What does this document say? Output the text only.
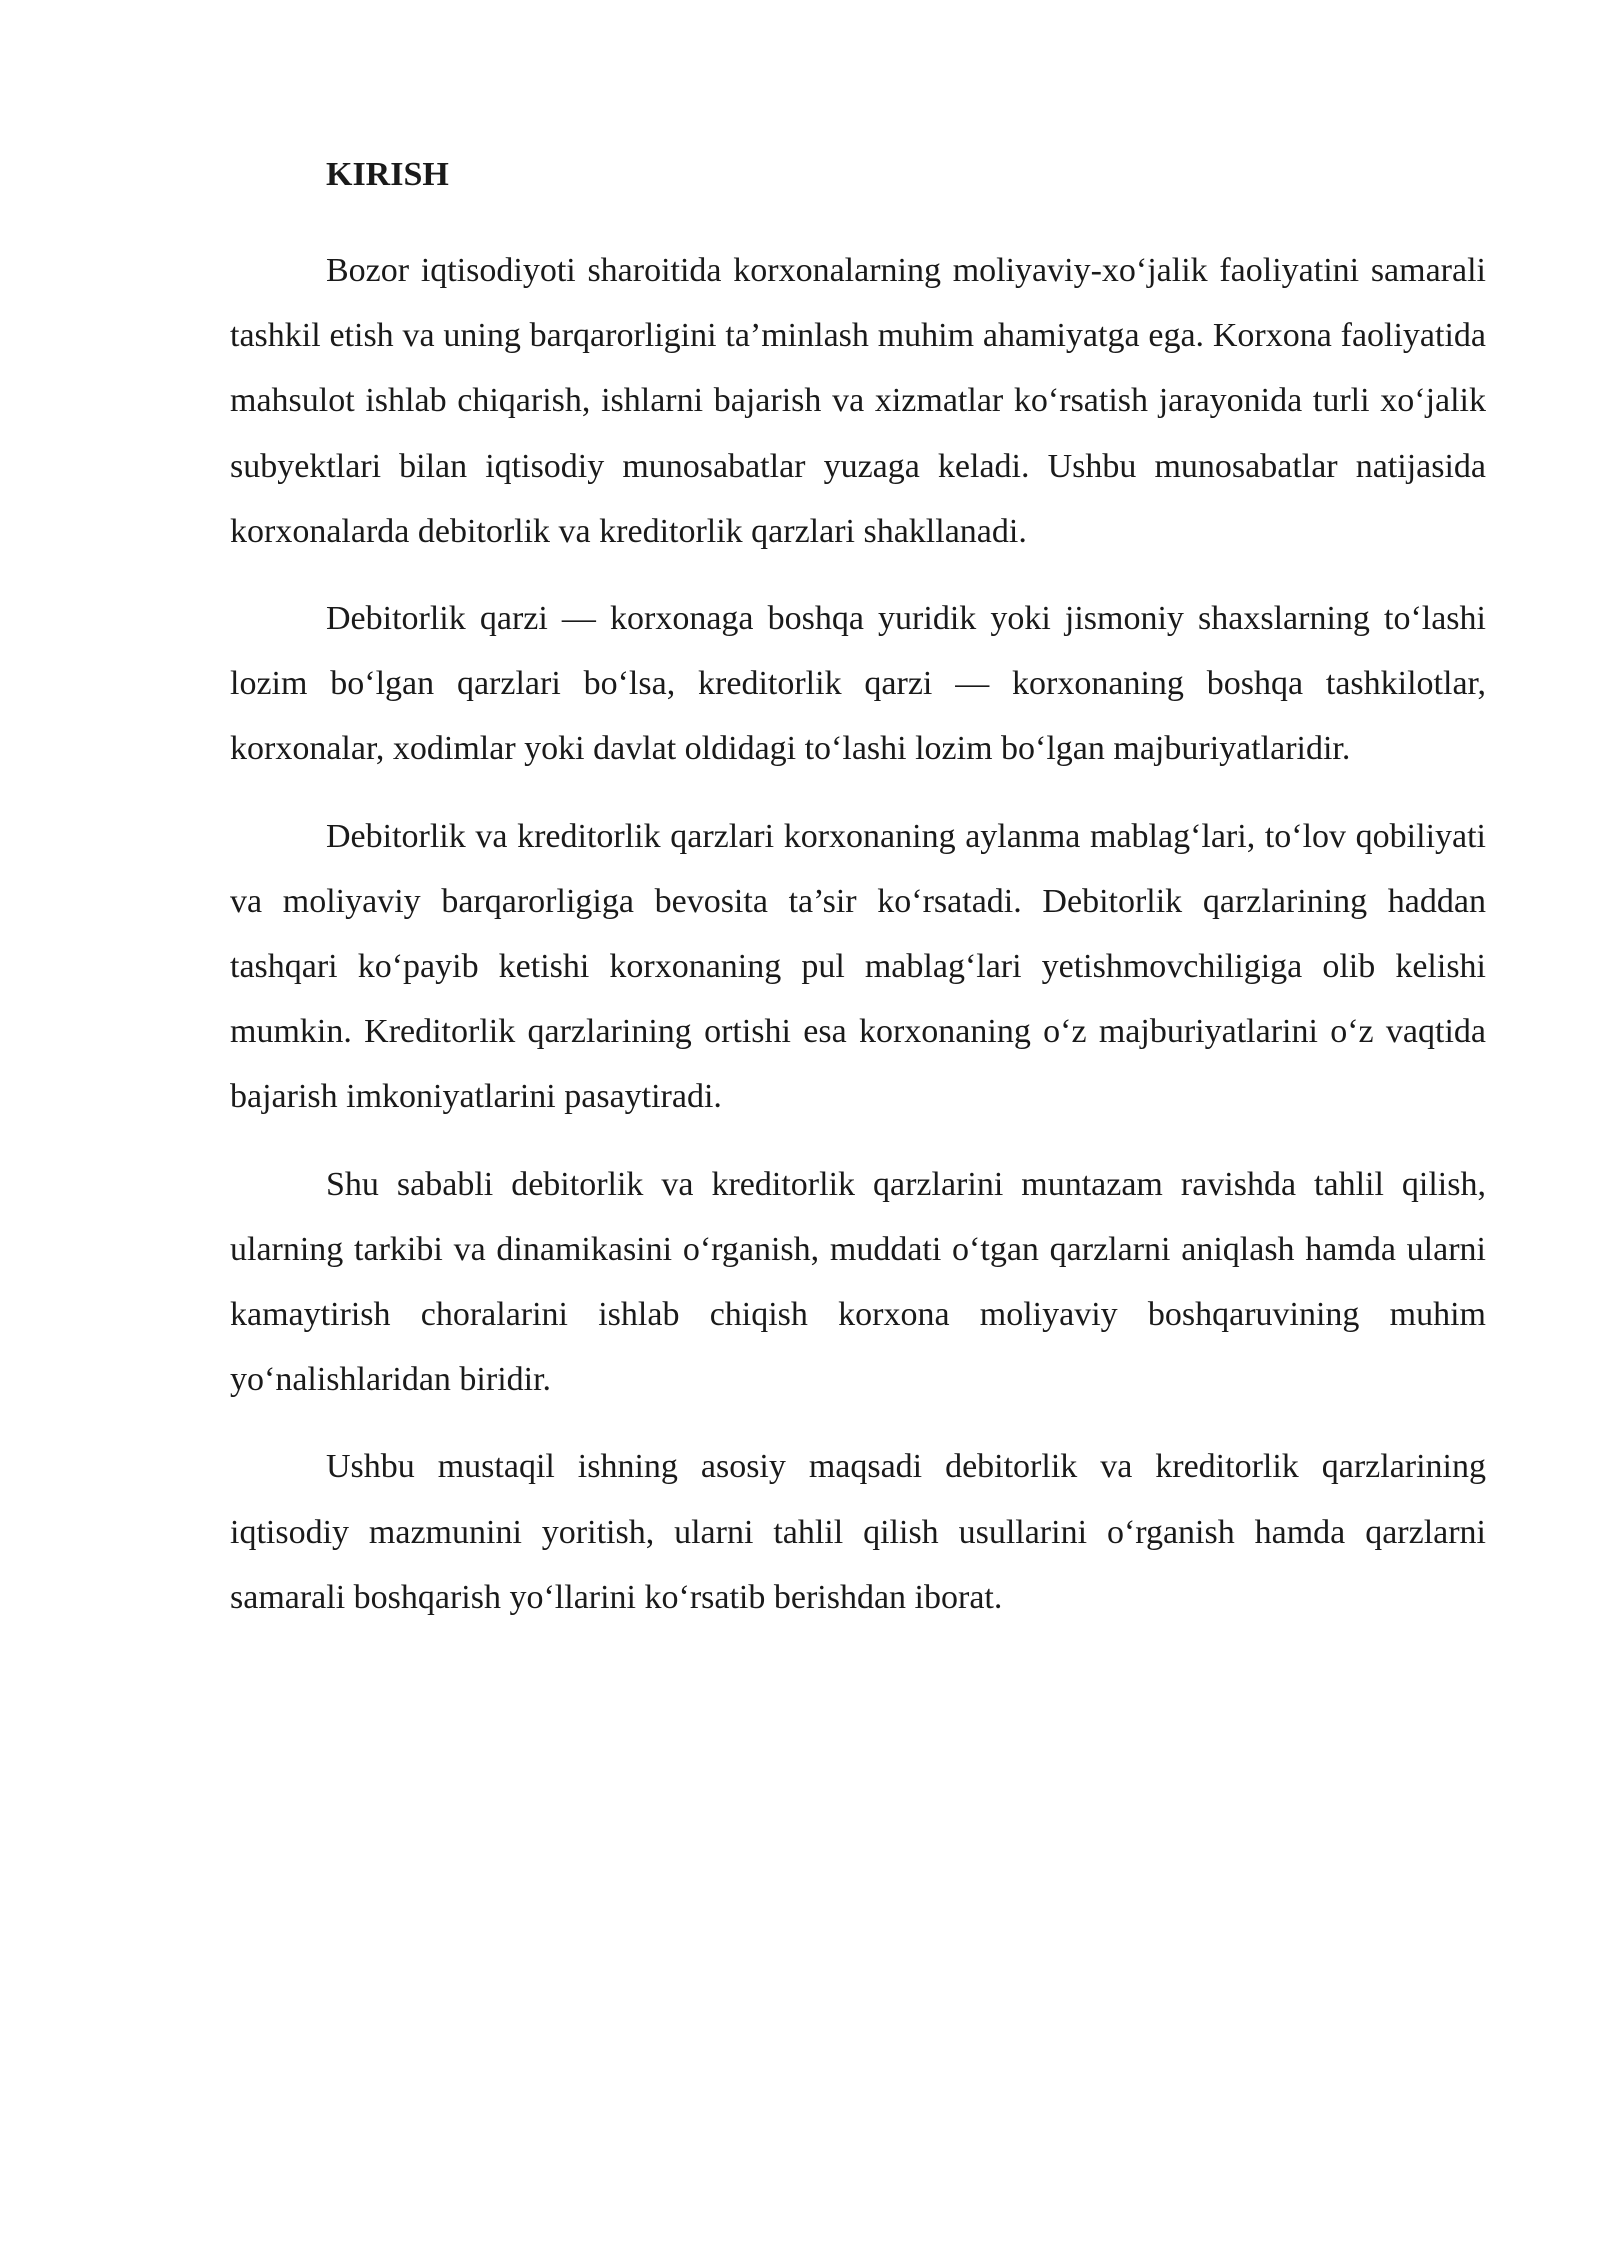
KIRISH

Bozor iqtisodiyoti sharoitida korxonalarning moliyaviy-xo‘jalik faoliyatini samarali tashkil etish va uning barqarorligini ta’minlash muhim ahamiyatga ega. Korxona faoliyatida mahsulot ishlab chiqarish, ishlarni bajarish va xizmatlar ko‘rsatish jarayonida turli xo‘jalik subyektlari bilan iqtisodiy munosabatlar yuzaga keladi. Ushbu munosabatlar natijasida korxonalarda debitorlik va kreditorlik qarzlari shakllanadi.

Debitorlik qarzi — korxonaga boshqa yuridik yoki jismoniy shaxslarning to‘lashi lozim bo‘lgan qarzlari bo‘lsa, kreditorlik qarzi — korxonaning boshqa tashkilotlar, korxonalar, xodimlar yoki davlat oldidagi to‘lashi lozim bo‘lgan majburiyatlaridir.

Debitorlik va kreditorlik qarzlari korxonaning aylanma mablag‘lari, to‘lov qobiliyati va moliyaviy barqarorligiga bevosita ta’sir ko‘rsatadi. Debitorlik qarzlarining haddan tashqari ko‘payib ketishi korxonaning pul mablag‘lari yetishmovchiligiga olib kelishi mumkin. Kreditorlik qarzlarining ortishi esa korxonaning o‘z majburiyatlarini o‘z vaqtida bajarish imkoniyatlarini pasaytiradi.

Shu sababli debitorlik va kreditorlik qarzlarini muntazam ravishda tahlil qilish, ularning tarkibi va dinamikasini o‘rganish, muddati o‘tgan qarzlarni aniqlash hamda ularni kamaytirish choralarini ishlab chiqish korxona moliyaviy boshqaruvining muhim yo‘nalishlaridan biridir.

Ushbu mustaqil ishning asosiy maqsadi debitorlik va kreditorlik qarzlarining iqtisodiy mazmunini yoritish, ularni tahlil qilish usullarini o‘rganish hamda qarzlarni samarali boshqarish yo‘llarini ko‘rsatib berishdan iborat.
